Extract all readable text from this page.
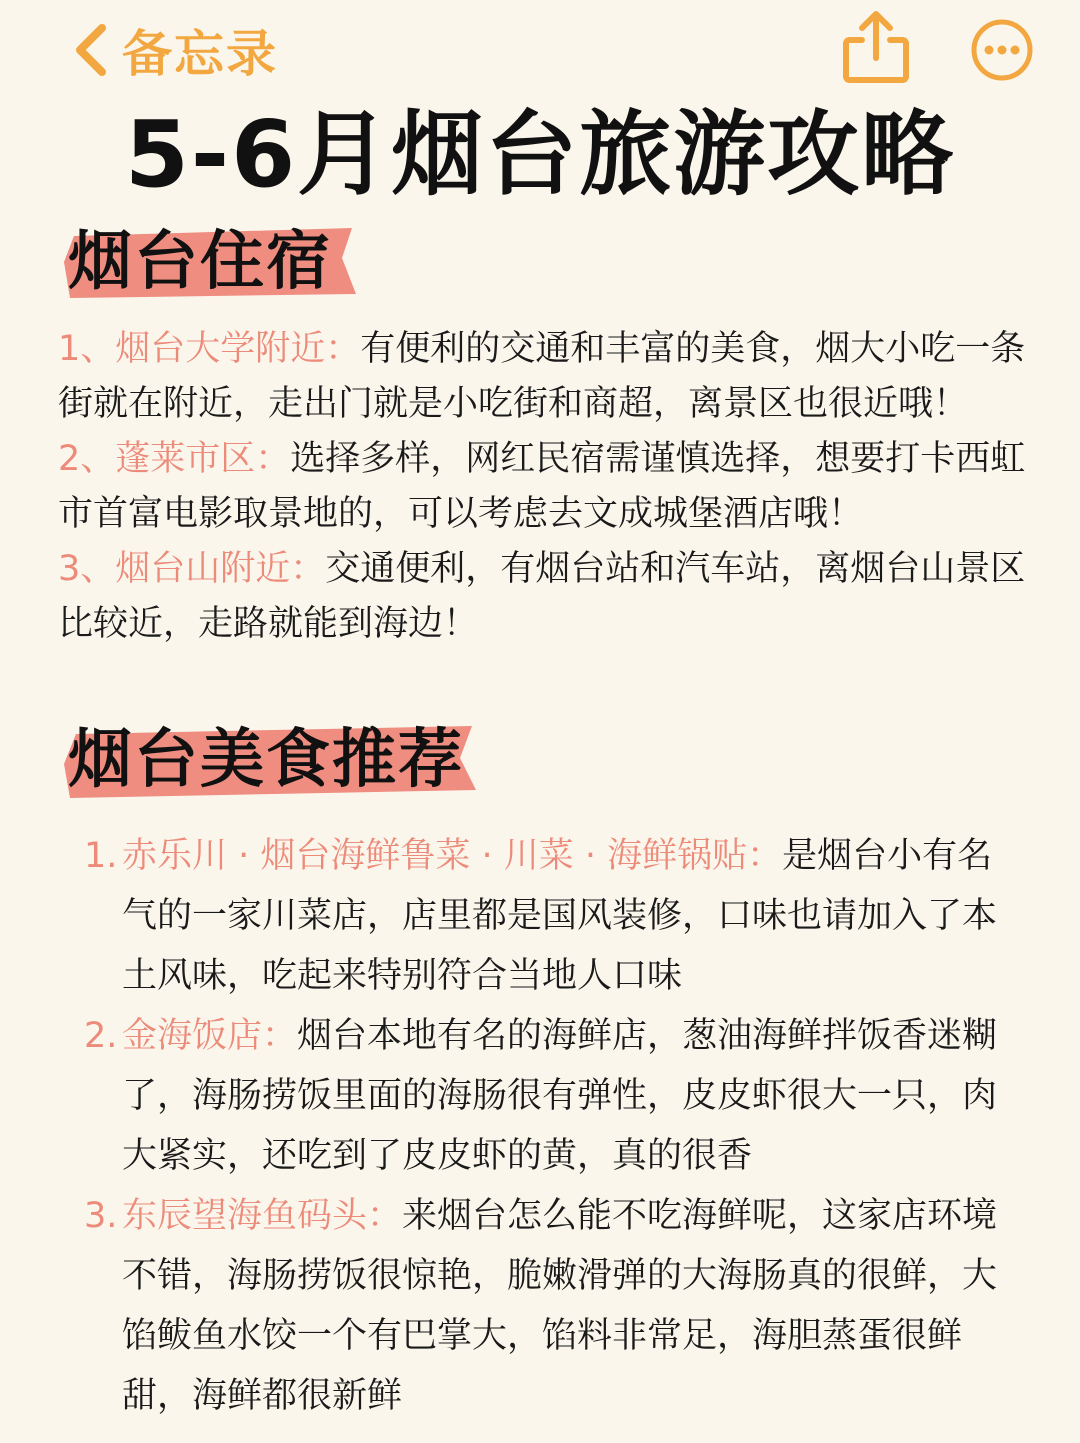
备忘录
5-6月烟台旅游攻略
烟台住宿

1、烟台大学附近：有便利的交通和丰富的美食，烟大小吃一条街就在附近，走出门就是小吃街和商超，离景区也很近哦！

2、蓬莱市区：选择多样，网红民宿需谨慎选择，想要打卡西虹市首富电影取景地的，可以考虑去文成城堡酒店哦！

3、烟台山附近：交通便利，有烟台站和汽车站，离烟台山景区比较近，走路就能到海边！

烟台美食推荐
1. 赤乐川 · 烟台海鲜鲁菜 · 川菜 · 海鲜锅贴：是烟台小有名气的一家川菜店，店里都是国风装修，口味也请加入了本土风味，吃起来特别符合当地人口味
2. 金海饭店：烟台本地有名的海鲜店，葱油海鲜拌饭香迷糊了，海肠捞饭里面的海肠很有弹性，皮皮虾很大一只，肉大紧实，还吃到了皮皮虾的黄，真的很香
3. 东辰望海鱼码头：来烟台怎么能不吃海鲜呢，这家店环境不错，海肠捞饭很惊艳，脆嫩滑弹的大海肠真的很鲜，大馅鲅鱼水饺一个有巴掌大，馅料非常足，海胆蒸蛋很鲜甜，海鲜都很新鲜
